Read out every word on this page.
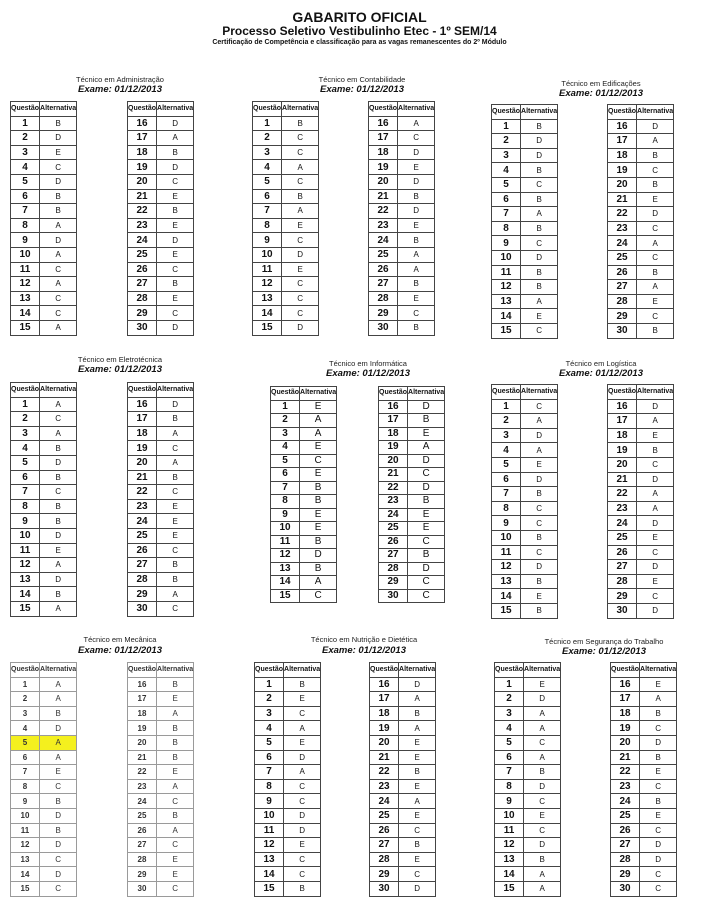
GABARITO OFICIAL
Processo Seletivo Vestibulinho Etec - 1º SEM/14
Certificação de Competência e classificação para as vagas remanescentes do 2º Módulo
Técnico em Administração
Exame: 01/12/2013
Questão	Alternativa
1	B
2	D
3	E
4	C
5	D
6	B
7	B
8	A
9	D
10	A
11	C
12	A
13	C
14	C
15	A
Questão	Alternativa
16	D
17	A
18	B
19	D
20	C
21	E
22	B
23	E
24	D
25	E
26	C
27	B
28	E
29	C
30	D
Técnico em Contabilidade
Exame: 01/12/2013
Questão	Alternativa
1	B
2	C
3	C
4	A
5	C
6	B
7	A
8	E
9	C
10	D
11	E
12	C
13	C
14	C
15	D
Questão	Alternativa
16	A
17	C
18	D
19	E
20	D
21	B
22	D
23	E
24	B
25	A
26	A
27	B
28	E
29	C
30	B
Técnico em Edificações
Exame: 01/12/2013
Questão	Alternativa
1	B
2	D
3	D
4	B
5	C
6	B
7	A
8	B
9	C
10	D
11	B
12	B
13	A
14	E
15	C
Questão	Alternativa
16	D
17	A
18	B
19	C
20	B
21	E
22	D
23	C
24	A
25	C
26	B
27	A
28	E
29	C
30	B
Técnico em Eletrotécnica
Exame: 01/12/2013
Questão	Alternativa
1	A
2	C
3	A
4	B
5	D
6	B
7	C
8	B
9	B
10	D
11	E
12	A
13	D
14	B
15	A
Questão	Alternativa
16	D
17	B
18	A
19	C
20	A
21	B
22	C
23	E
24	E
25	E
26	C
27	B
28	B
29	A
30	C
Técnico em Informática
Exame: 01/12/2013
Questão	Alternativa
1	E
2	A
3	A
4	E
5	C
6	E
7	B
8	B
9	E
10	E
11	B
12	D
13	B
14	A
15	C
Questão	Alternativa
16	D
17	B
18	E
19	A
20	D
21	C
22	D
23	B
24	E
25	E
26	C
27	B
28	D
29	C
30	C
Técnico em Logística
Exame: 01/12/2013
Questão	Alternativa
1	C
2	A
3	D
4	A
5	E
6	D
7	B
8	C
9	C
10	B
11	C
12	D
13	B
14	E
15	B
Questão	Alternativa
16	D
17	A
18	E
19	B
20	C
21	D
22	A
23	A
24	D
25	E
26	C
27	D
28	E
29	C
30	D
Técnico em Mecânica
Exame: 01/12/2013
Questão	Alternativa
1	A
2	A
3	B
4	D
5	A
6	A
7	E
8	C
9	B
10	D
11	B
12	D
13	C
14	D
15	C
Questão	Alternativa
16	B
17	E
18	A
19	B
20	B
21	B
22	E
23	A
24	C
25	B
26	A
27	C
28	E
29	E
30	C
Técnico em Nutrição e Dietética
Exame: 01/12/2013
Questão	Alternativa
1	B
2	E
3	C
4	A
5	E
6	D
7	A
8	C
9	C
10	D
11	D
12	E
13	C
14	C
15	B
Questão	Alternativa
16	D
17	A
18	B
19	A
20	E
21	E
22	B
23	E
24	A
25	E
26	C
27	B
28	E
29	C
30	D
Técnico em Segurança do Trabalho
Exame: 01/12/2013
Questão	Alternativa
1	E
2	D
3	A
4	A
5	C
6	A
7	B
8	D
9	C
10	E
11	C
12	D
13	B
14	A
15	A
Questão	Alternativa
16	E
17	A
18	B
19	C
20	D
21	B
22	E
23	C
24	B
25	E
26	C
27	D
28	D
29	C
30	C
